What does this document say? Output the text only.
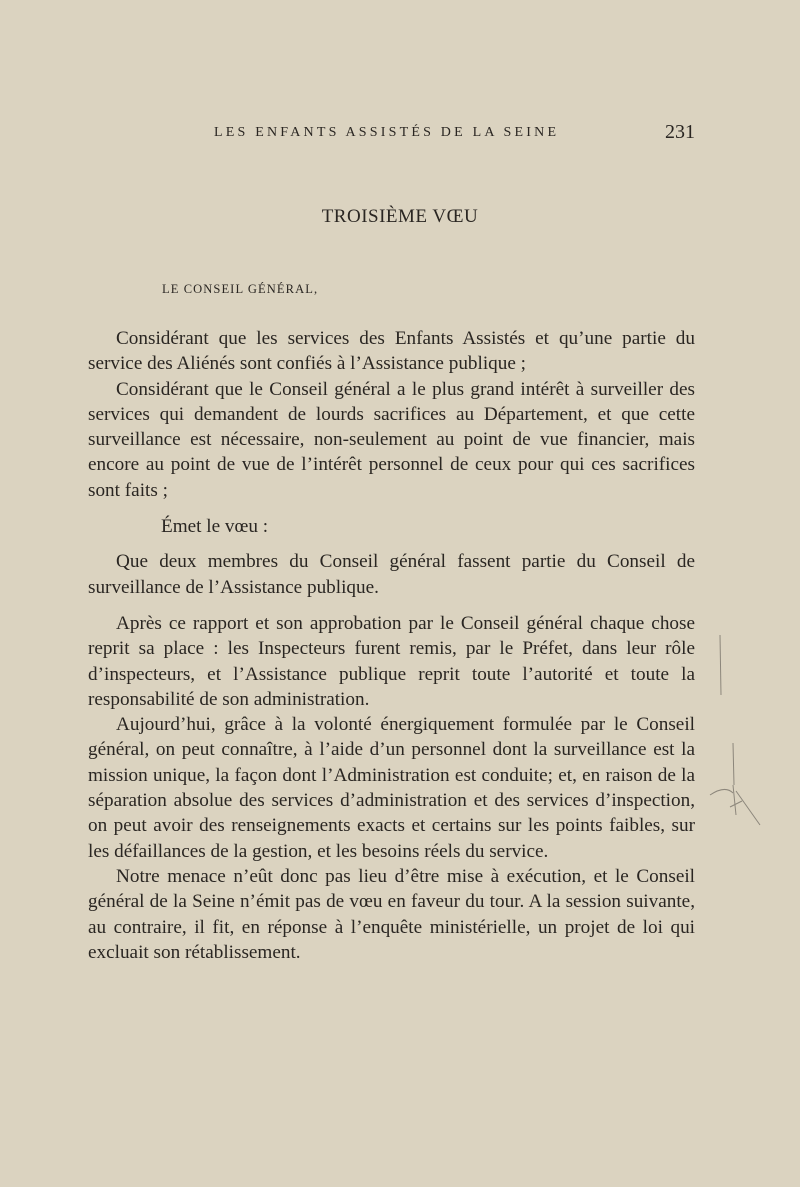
LES ENFANTS ASSISTÉS DE LA SEINE	231
TROISIÈME VŒU
LE CONSEIL GÉNÉRAL,

Considérant que les services des Enfants Assistés et qu’une partie du service des Aliénés sont confiés à l’Assistance publique ;

Considérant que le Conseil général a le plus grand intérêt à surveiller des services qui demandent de lourds sacrifices au Département, et que cette surveillance est nécessaire, non-seulement au point de vue financier, mais encore au point de vue de l’intérêt personnel de ceux pour qui ces sacrifices sont faits ;

Émet le vœu :

Que deux membres du Conseil général fassent partie du Conseil de surveillance de l’Assistance publique.

Après ce rapport et son approbation par le Conseil général chaque chose reprit sa place : les Inspecteurs furent remis, par le Préfet, dans leur rôle d’inspecteurs, et l’Assistance publique reprit toute l’autorité et toute la responsabilité de son administration.

Aujourd’hui, grâce à la volonté énergiquement formulée par le Conseil général, on peut connaître, à l’aide d’un personnel dont la surveillance est la mission unique, la façon dont l’Administration est conduite; et, en raison de la séparation absolue des services d’administration et des services d’inspection, on peut avoir des renseignements exacts et certains sur les points faibles, sur les défaillances de la gestion, et les besoins réels du service.

Notre menace n’eût donc pas lieu d’être mise à exécution, et le Conseil général de la Seine n’émit pas de vœu en faveur du tour. A la session suivante, au contraire, il fit, en réponse à l’enquête ministérielle, un projet de loi qui excluait son rétablissement.
